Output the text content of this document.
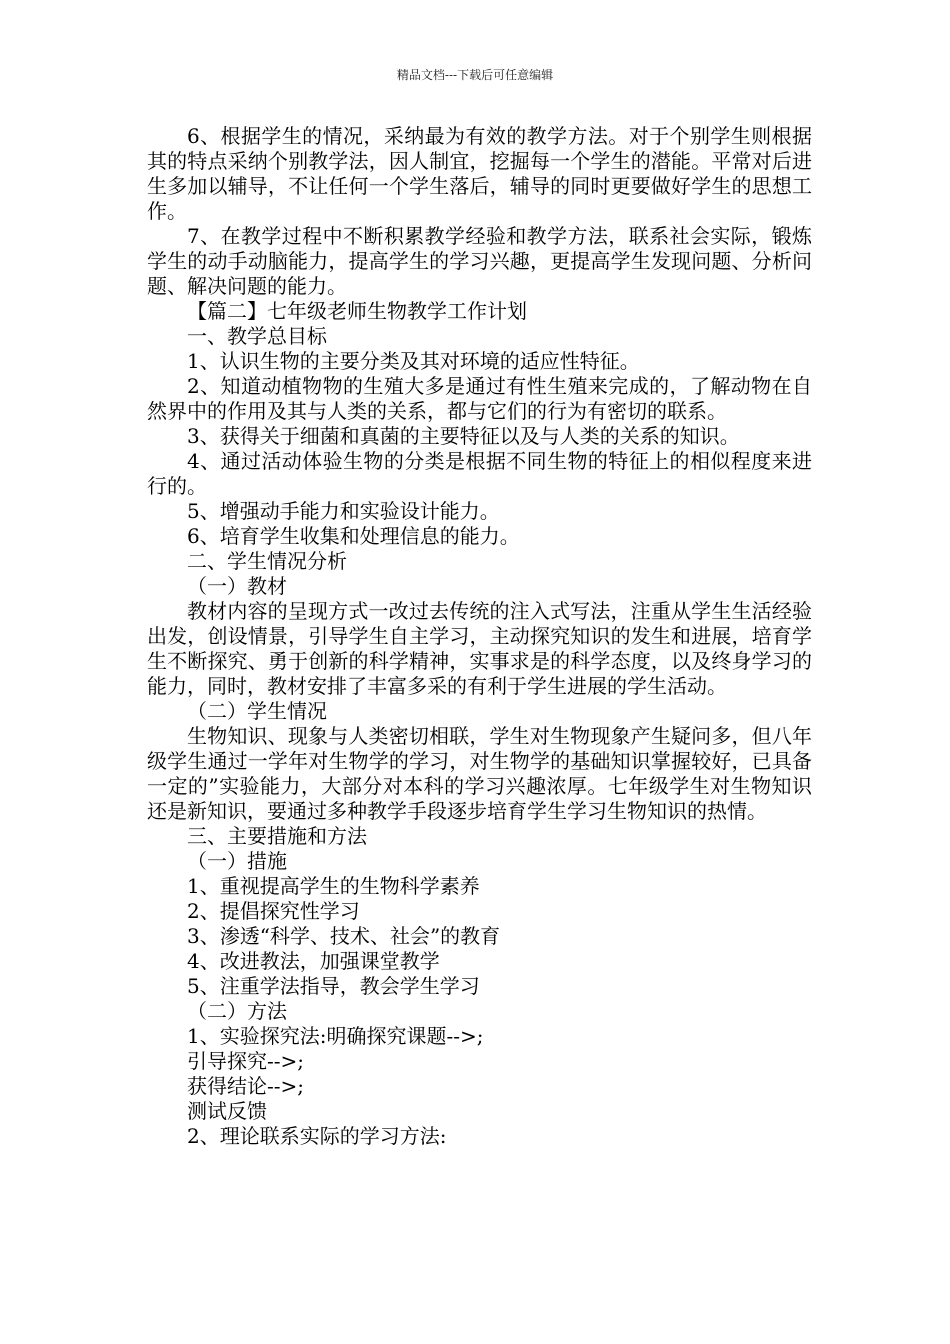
精品文档---下载后可任意编辑

6、根据学生的情况，采纳最为有效的教学方法。对于个别学生则根据其的特点采纳个别教学法，因人制宜，挖掘每一个学生的潜能。平常对后进生多加以辅导，不让任何一个学生落后，辅导的同时更要做好学生的思想工作。

7、在教学过程中不断积累教学经验和教学方法，联系社会实际，锻炼学生的动手动脑能力，提高学生的学习兴趣，更提高学生发现问题、分析问题、解决问题的能力。

【篇二】七年级老师生物教学工作计划

一、教学总目标

1、认识生物的主要分类及其对环境的适应性特征。

2、知道动植物物的生殖大多是通过有性生殖来完成的，了解动物在自然界中的作用及其与人类的关系，都与它们的行为有密切的联系。

3、获得关于细菌和真菌的主要特征以及与人类的关系的知识。

4、通过活动体验生物的分类是根据不同生物的特征上的相似程度来进行的。

5、增强动手能力和实验设计能力。

6、培育学生收集和处理信息的能力。

二、学生情况分析

（一）教材

教材内容的呈现方式一改过去传统的注入式写法，注重从学生生活经验出发，创设情景，引导学生自主学习，主动探究知识的发生和进展，培育学生不断探究、勇于创新的科学精神，实事求是的科学态度，以及终身学习的能力，同时，教材安排了丰富多采的有利于学生进展的学生活动。

（二）学生情况

生物知识、现象与人类密切相联，学生对生物现象产生疑问多，但八年级学生通过一学年对生物学的学习，对生物学的基础知识掌握较好，已具备一定的”实验能力，大部分对本科的学习兴趣浓厚。七年级学生对生物知识还是新知识，要通过多种教学手段逐步培育学生学习生物知识的热情。

三、主要措施和方法

（一）措施

1、重视提高学生的生物科学素养

2、提倡探究性学习

3、渗透“科学、技术、社会”的教育

4、改进教法，加强课堂教学

5、注重学法指导，教会学生学习

（二）方法

1、实验探究法:明确探究课题-->;

引导探究-->;

获得结论-->;

测试反馈

2、理论联系实际的学习方法:
